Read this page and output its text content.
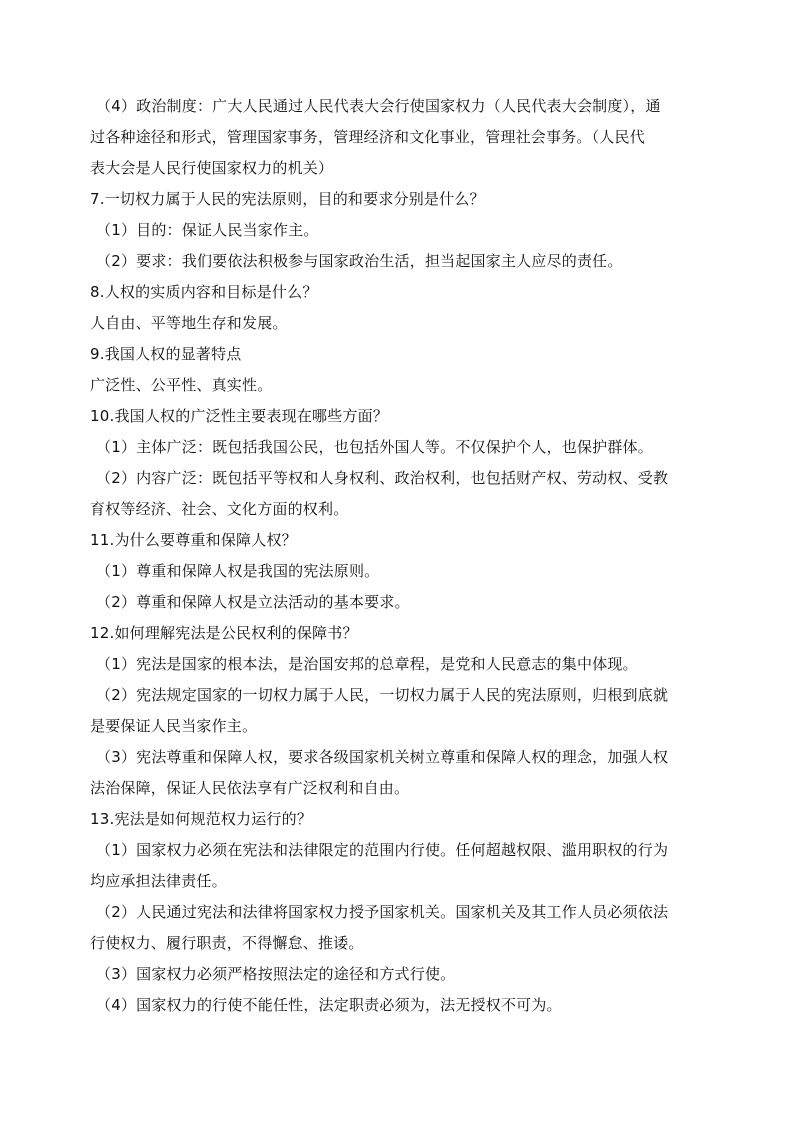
（4）政治制度：广大人民通过人民代表大会行使国家权力（人民代表大会制度），通
过各种途径和形式，管理国家事务，管理经济和文化事业，管理社会事务。（人民代
表大会是人民行使国家权力的机关）
7.一切权力属于人民的宪法原则，目的和要求分别是什么？
（1）目的：保证人民当家作主。
（2）要求：我们要依法积极参与国家政治生活，担当起国家主人应尽的责任。
8.人权的实质内容和目标是什么？
人自由、平等地生存和发展。
9.我国人权的显著特点
广泛性、公平性、真实性。
10.我国人权的广泛性主要表现在哪些方面？
（1）主体广泛：既包括我国公民，也包括外国人等。不仅保护个人，也保护群体。
（2）内容广泛：既包括平等权和人身权利、政治权利，也包括财产权、劳动权、受教
育权等经济、社会、文化方面的权利。
11.为什么要尊重和保障人权？
（1）尊重和保障人权是我国的宪法原则。
（2）尊重和保障人权是立法活动的基本要求。
12.如何理解宪法是公民权利的保障书？
（1）宪法是国家的根本法，是治国安邦的总章程，是党和人民意志的集中体现。
（2）宪法规定国家的一切权力属于人民，一切权力属于人民的宪法原则，归根到底就
是要保证人民当家作主。
（3）宪法尊重和保障人权，要求各级国家机关树立尊重和保障人权的理念，加强人权
法治保障，保证人民依法享有广泛权利和自由。
13.宪法是如何规范权力运行的？
（1）国家权力必须在宪法和法律限定的范围内行使。任何超越权限、滥用职权的行为
均应承担法律责任。
（2）人民通过宪法和法律将国家权力授予国家机关。国家机关及其工作人员必须依法
行使权力、履行职责，不得懈怠、推诿。
（3）国家权力必须严格按照法定的途径和方式行使。
（4）国家权力的行使不能任性，法定职责必须为，法无授权不可为。
